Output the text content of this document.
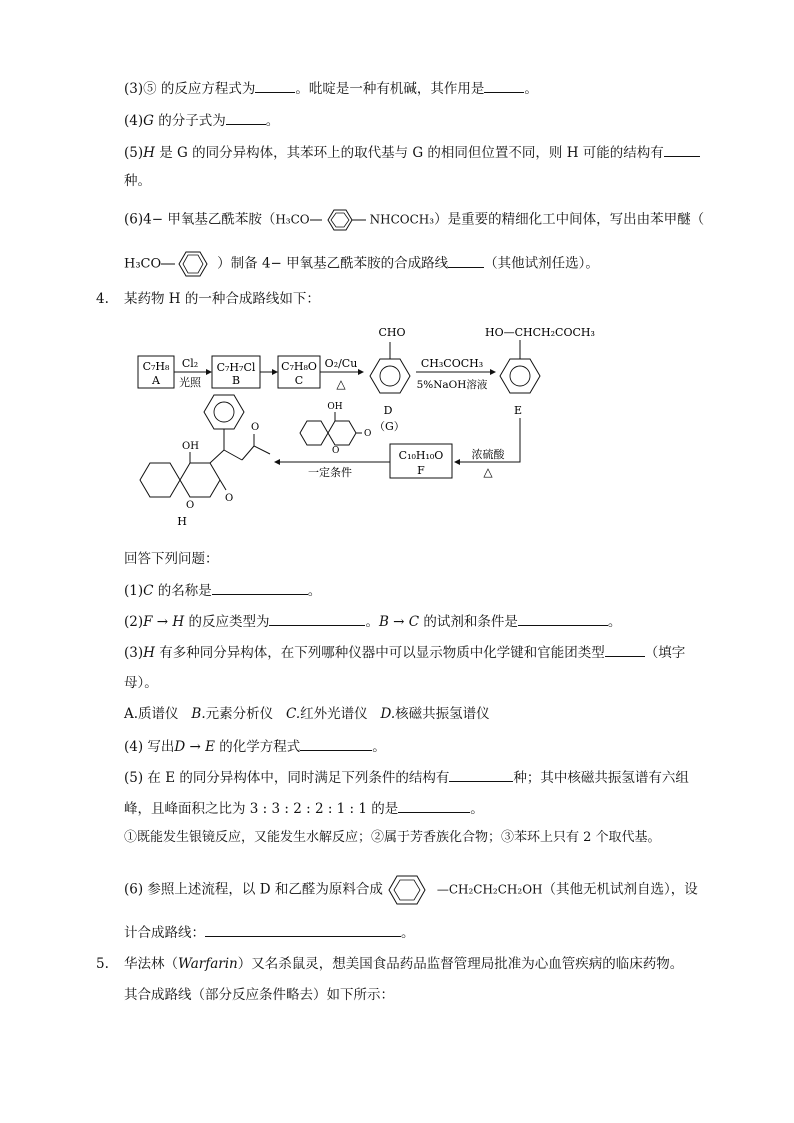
(3)⑤ 的反应方程式为	。吡啶是一种有机碱，其作用是	。
(4)G 的分子式为	。
(5)H 是 G 的同分异构体，其苯环上的取代基与 G 的相同但位置不同，则 H 可能的结构有
种。
(6)4− 甲氧基乙酰苯胺（H₃CO	NHCOCH₃）是重要的精细化工中间体，写出由苯甲醚（
H₃CO	）制备 4− 甲氧基乙酰苯胺的合成路线	（其他试剂任选）。
4. 某药物 H 的一种合成路线如下：
C₇H₈
A
Cl₂
光照
C₇H₇Cl
B
C₇H₈O
C
O₂/Cu
△
CHO
D
CH₃COCH₃
5%NaOH溶液
HO—CHCH₂COCH₃
E
浓硫酸
△
C₁₀H₁₀O
F
OH
O
O
（G）
一定条件
O
OH
O
O
H
回答下列问题：
(1)C 的名称是	。
(2)F → H 的反应类型为	。B → C 的试剂和条件是	。
(3)H 有多种同分异构体，在下列哪种仪器中可以显示物质中化学键和官能团类型	（填字
母）。
A.质谱仪 B.元素分析仪 C.红外光谱仪 D.核磁共振氢谱仪
(4) 写出D → E 的化学方程式	。
(5) 在 E 的同分异构体中，同时满足下列条件的结构有	种；其中核磁共振氢谱有六组
峰，且峰面积之比为 3 : 3 : 2 : 2 : 1 : 1 的是	。
①既能发生银镜反应，又能发生水解反应；②属于芳香族化合物；③苯环上只有 2 个取代基。
(6) 参照上述流程，以 D 和乙醛为原料合成	—CH₂CH₂CH₂OH（其他无机试剂自选），设
计合成路线：	。
5. 华法林（Warfarin）又名杀鼠灵，想美国食品药品监督管理局批准为心血管疾病的临床药物。
其合成路线（部分反应条件略去）如下所示：
